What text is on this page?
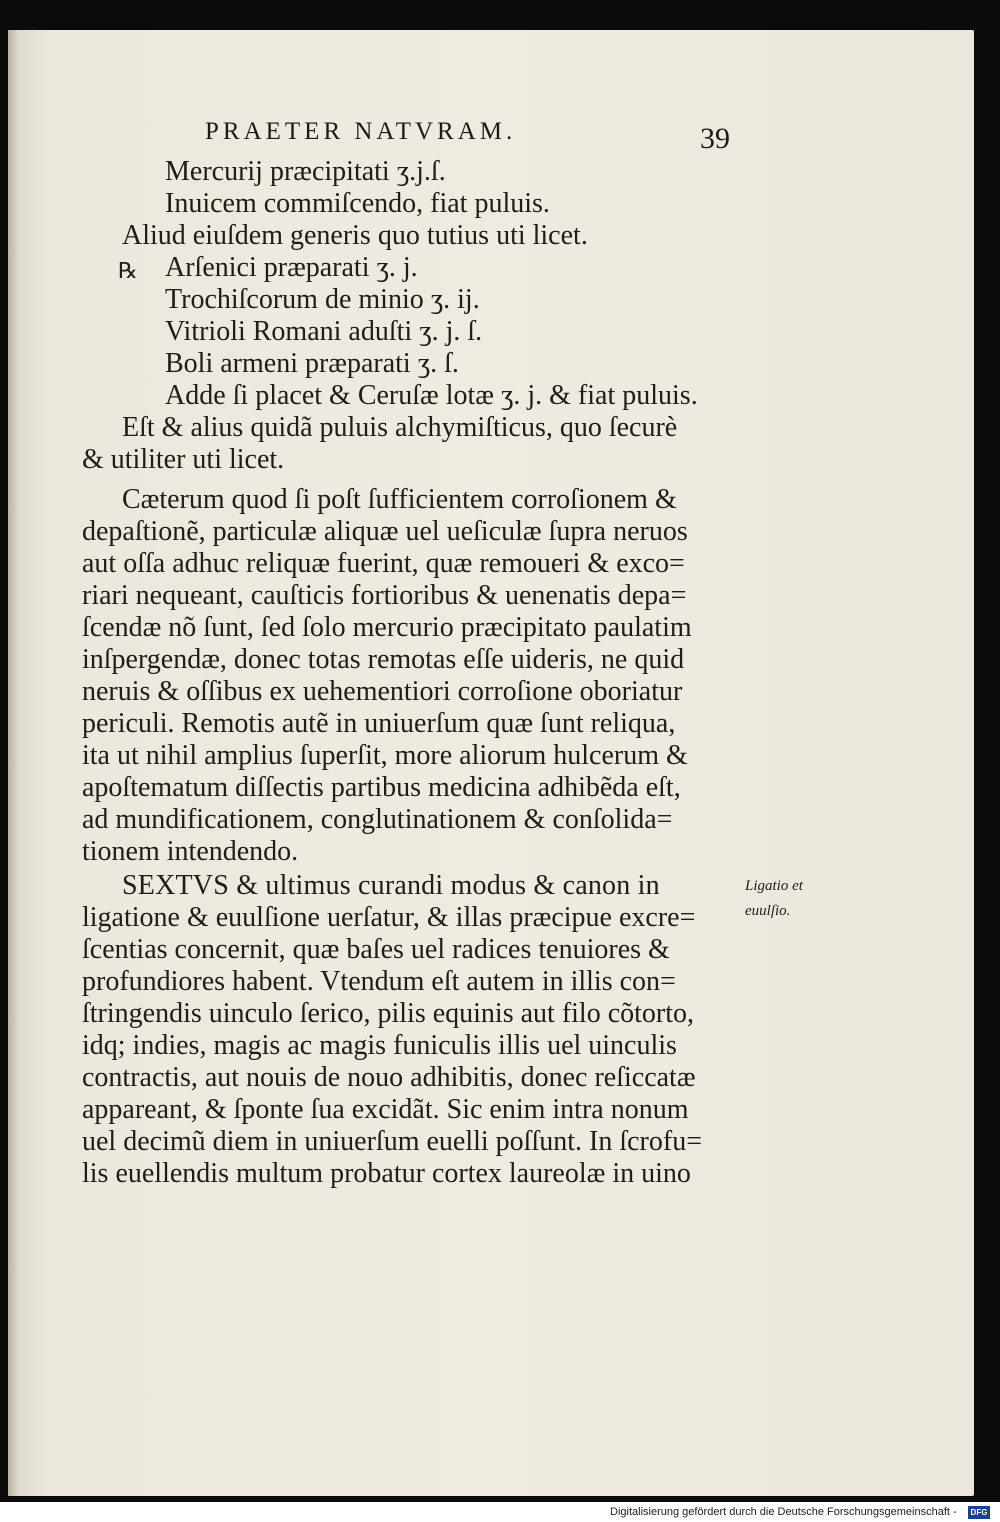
PRAETER NATVRAM.	39
℞
Mercurij præcipitati ʒ.j.ſ.
Inuicem commiſcendo, fiat puluis.
Aliud eiuſdem generis quo tutius uti licet.
Arſenici præparati ʒ. j.
Trochiſcorum de minio ʒ. ij.
Vitrioli Romani aduſti ʒ. j. ſ.
Boli armeni præparati ʒ. ſ.
Adde ſi placet & Ceruſæ lotæ ʒ. j. & fiat puluis.
Eſt & alius quidã puluis alchymiſticus, quo ſecurè
& utiliter uti licet.
Cæterum quod ſi poſt ſufficientem corroſionem &
depaſtionẽ, particulæ aliquæ uel ueſiculæ ſupra neruos
aut oſſa adhuc reliquæ fuerint, quæ remoueri & exco=
riari nequeant, cauſticis fortioribus & uenenatis depa=
ſcendæ nõ ſunt, ſed ſolo mercurio præcipitato paulatim
inſpergendæ, donec totas remotas eſſe uideris, ne quid
neruis & oſſibus ex uehementiori corroſione oboriatur
periculi. Remotis autẽ in uniuerſum quæ ſunt reliqua,
ita ut nihil amplius ſuperſit, more aliorum hulcerum &
apoſtematum diſſectis partibus medicina adhibẽda eſt,
ad mundificationem, conglutinationem & conſolida=
tionem intendendo.
SEXTVS & ultimus curandi modus & canon in
ligatione & euulſione uerſatur, & illas præcipue excre=
ſcentias concernit, quæ baſes uel radices tenuiores &
profundiores habent. Vtendum eſt autem in illis con=
ſtringendis uinculo ſerico, pilis equinis aut filo cõtorto,
idq; indies, magis ac magis funiculis illis uel uinculis
contractis, aut nouis de nouo adhibitis, donec reſiccatæ
appareant, & ſponte ſua excidãt. Sic enim intra nonum
uel decimũ diem in uniuerſum euelli poſſunt. In ſcrofu=
lis euellendis multum probatur cortex laureolæ in uino
Ligatio et
euulſio.
Digitalisierung gefördert durch die Deutsche Forschungsgemeinschaft -	DFG
